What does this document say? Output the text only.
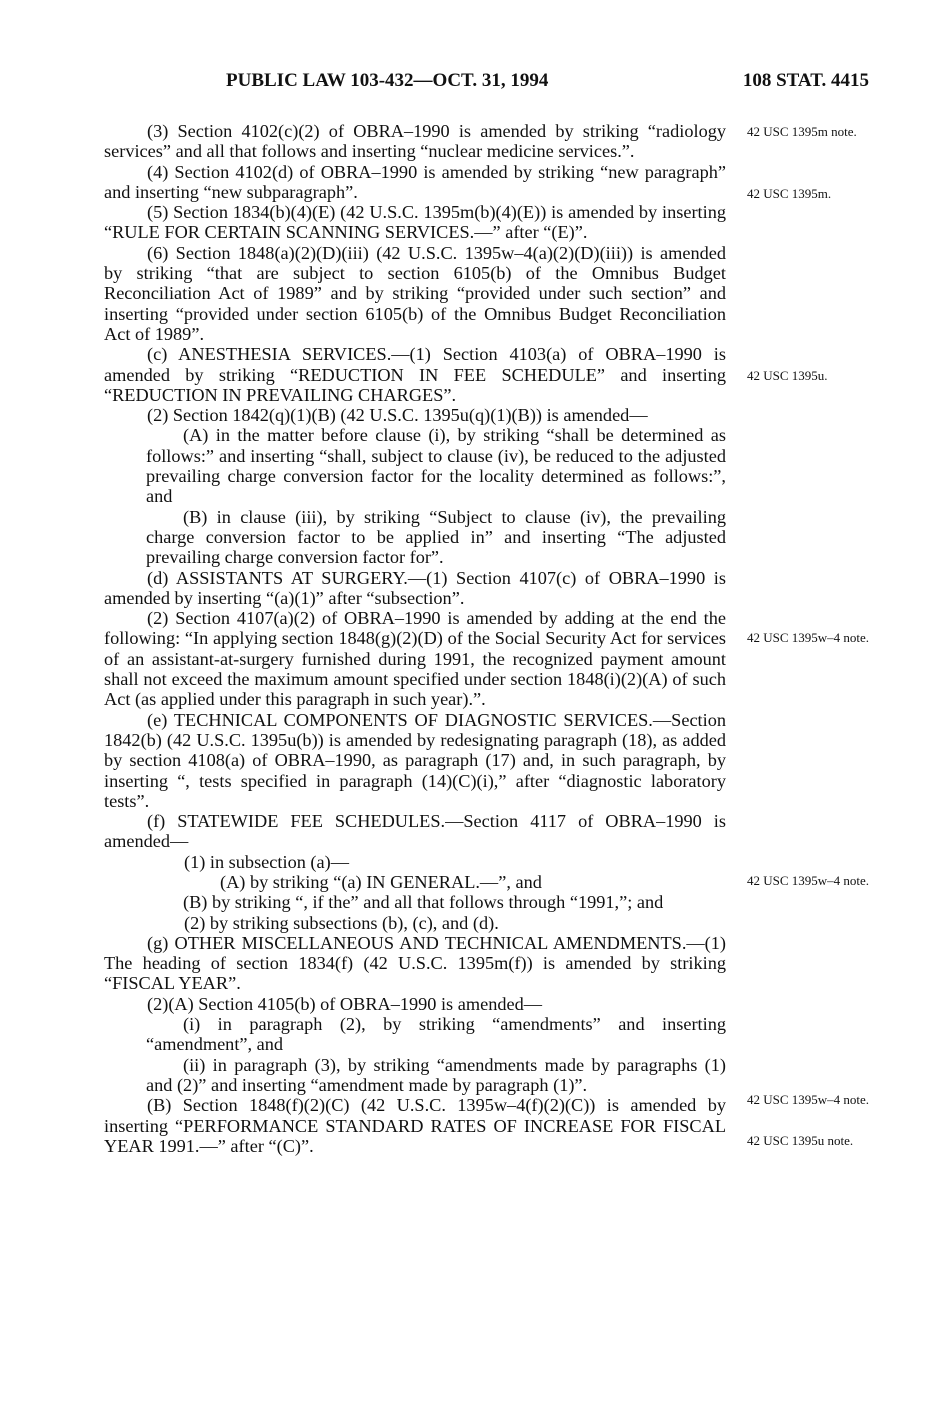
PUBLIC LAW 103-432—OCT. 31, 1994	108 STAT. 4415

(3) Section 4102(c)(2) of OBRA–1990 is amended by striking “radiology services” and all that follows and inserting “nuclear medicine services.”.

(4) Section 4102(d) of OBRA–1990 is amended by striking “new paragraph” and inserting “new subparagraph”.

(5) Section 1834(b)(4)(E) (42 U.S.C. 1395m(b)(4)(E)) is amended by inserting “RULE FOR CERTAIN SCANNING SERVICES.—” after “(E)”.

(6) Section 1848(a)(2)(D)(iii) (42 U.S.C. 1395w–4(a)(2)(D)(iii)) is amended by striking “that are subject to section 6105(b) of the Omnibus Budget Reconciliation Act of 1989” and by striking “provided under such section” and inserting “provided under section 6105(b) of the Omnibus Budget Reconciliation Act of 1989”.

(c) ANESTHESIA SERVICES.—(1) Section 4103(a) of OBRA–1990 is amended by striking “REDUCTION IN FEE SCHEDULE” and inserting “REDUCTION IN PREVAILING CHARGES”.

(2) Section 1842(q)(1)(B) (42 U.S.C. 1395u(q)(1)(B)) is amended—

(A) in the matter before clause (i), by striking “shall be determined as follows:” and inserting “shall, subject to clause (iv), be reduced to the adjusted prevailing charge conversion factor for the locality determined as follows:”, and

(B) in clause (iii), by striking “Subject to clause (iv), the prevailing charge conversion factor to be applied in” and inserting “The adjusted prevailing charge conversion factor for”.

(d) ASSISTANTS AT SURGERY.—(1) Section 4107(c) of OBRA–1990 is amended by inserting “(a)(1)” after “subsection”.

(2) Section 4107(a)(2) of OBRA–1990 is amended by adding at the end the following: “In applying section 1848(g)(2)(D) of the Social Security Act for services of an assistant-at-surgery furnished during 1991, the recognized payment amount shall not exceed the maximum amount specified under section 1848(i)(2)(A) of such Act (as applied under this paragraph in such year).”.

(e) TECHNICAL COMPONENTS OF DIAGNOSTIC SERVICES.—Section 1842(b) (42 U.S.C. 1395u(b)) is amended by redesignating paragraph (18), as added by section 4108(a) of OBRA–1990, as paragraph (17) and, in such paragraph, by inserting “, tests specified in paragraph (14)(C)(i),” after “diagnostic laboratory tests”.

(f) STATEWIDE FEE SCHEDULES.—Section 4117 of OBRA–1990 is amended—

(1) in subsection (a)—

(A) by striking “(a) IN GENERAL.—”, and

(B) by striking “, if the” and all that follows through “1991,”; and

(2) by striking subsections (b), (c), and (d).

(g) OTHER MISCELLANEOUS AND TECHNICAL AMENDMENTS.—(1) The heading of section 1834(f) (42 U.S.C. 1395m(f)) is amended by striking “FISCAL YEAR”.

(2)(A) Section 4105(b) of OBRA–1990 is amended—

(i) in paragraph (2), by striking “amendments” and inserting “amendment”, and

(ii) in paragraph (3), by striking “amendments made by paragraphs (1) and (2)” and inserting “amendment made by paragraph (1)”.

(B) Section 1848(f)(2)(C) (42 U.S.C. 1395w–4(f)(2)(C)) is amended by inserting “PERFORMANCE STANDARD RATES OF INCREASE FOR FISCAL YEAR 1991.—” after “(C)”.

42 USC 1395m note.
42 USC 1395m.
42 USC 1395u.
42 USC 1395w–4 note.
42 USC 1395w–4 note.
42 USC 1395w–4 note.
42 USC 1395u note.
